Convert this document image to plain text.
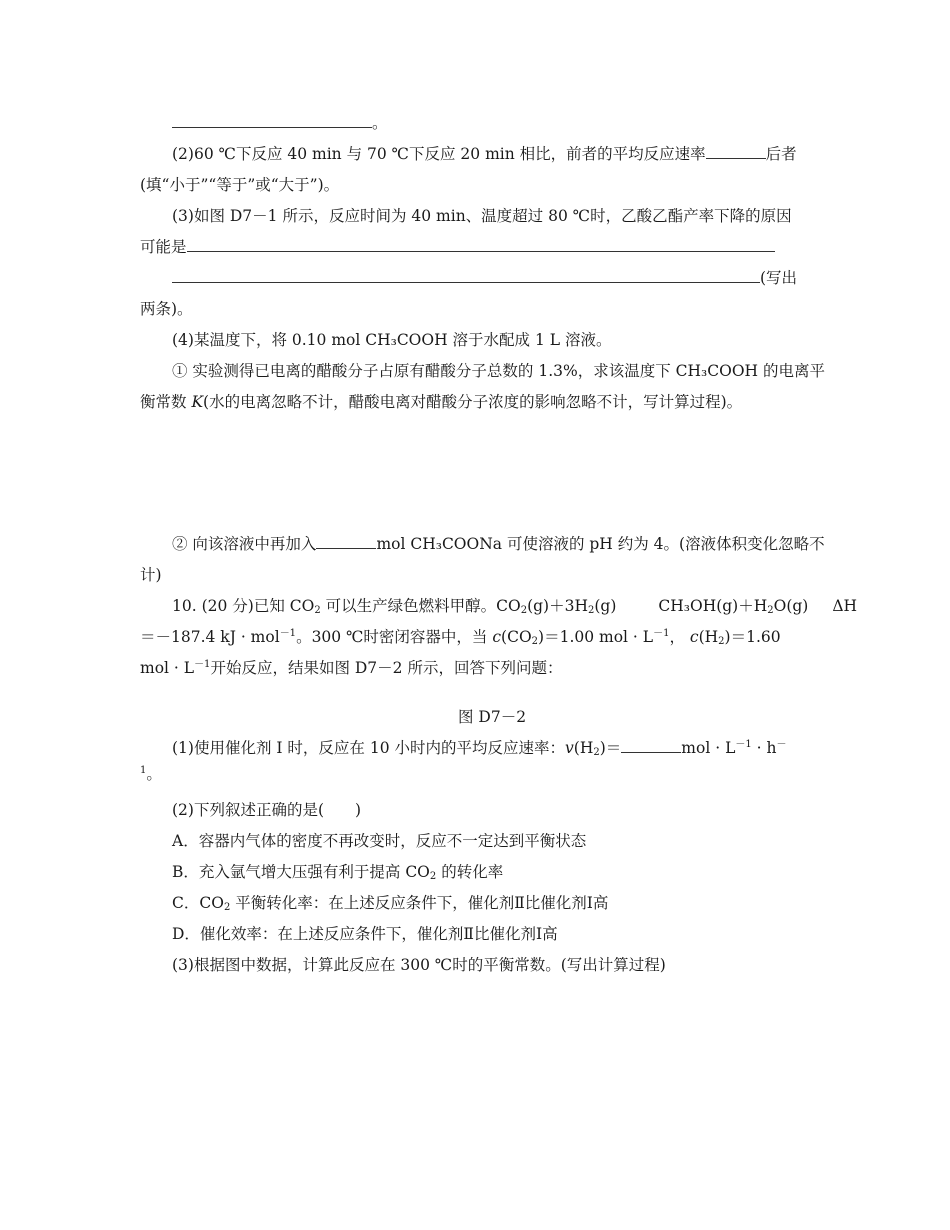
。
(2)60 ℃下反应 40 min 与 70 ℃下反应 20 min 相比，前者的平均反应速率	后者
(填“小于”“等于”或“大于”)。
(3)如图 D7－1 所示，反应时间为 40 min、温度超过 80 ℃时，乙酸乙酯产率下降的原因
可能是
(写出
两条)。
(4)某温度下，将 0.10 mol CH₃COOH 溶于水配成 1 L 溶液。
① 实验测得已电离的醋酸分子占原有醋酸分子总数的 1.3%，求该温度下 CH₃COOH 的电离平
衡常数 K(水的电离忽略不计，醋酸电离对醋酸分子浓度的影响忽略不计，写计算过程)。
② 向该溶液中再加入	mol CH₃COONa 可使溶液的 pH 约为 4。(溶液体积变化忽略不
计)
10. (20 分)已知 $CO_2$ 可以生产绿色燃料甲醇。$CO_2(g)+3H_2(g)$	$CH_3OH(g)+H_2O(g)$ ΔH
＝－187.4 kJ · mol$^{-1}$。300 ℃时密闭容器中，当 $c(CO_2)=1.00$ mol · $L^{-1}$， $c(H_2)=1.60$
mol · $L^{-1}$开始反应，结果如图 D7－2 所示，回答下列问题：
图 D7－2
(1)使用催化剂 I 时，反应在 10 小时内的平均反应速率：$v(H_2)=$	mol · $L^{-1} \cdot h^-$
$^1$。
(2)下列叙述正确的是(　　)
A．容器内气体的密度不再改变时，反应不一定达到平衡状态
B．充入氩气增大压强有利于提高 $CO_2$ 的转化率
C．$CO_2$ 平衡转化率：在上述反应条件下，催化剂Ⅱ比催化剂Ⅰ高
D．催化效率：在上述反应条件下，催化剂Ⅱ比催化剂Ⅰ高
(3)根据图中数据，计算此反应在 300 ℃时的平衡常数。(写出计算过程)
